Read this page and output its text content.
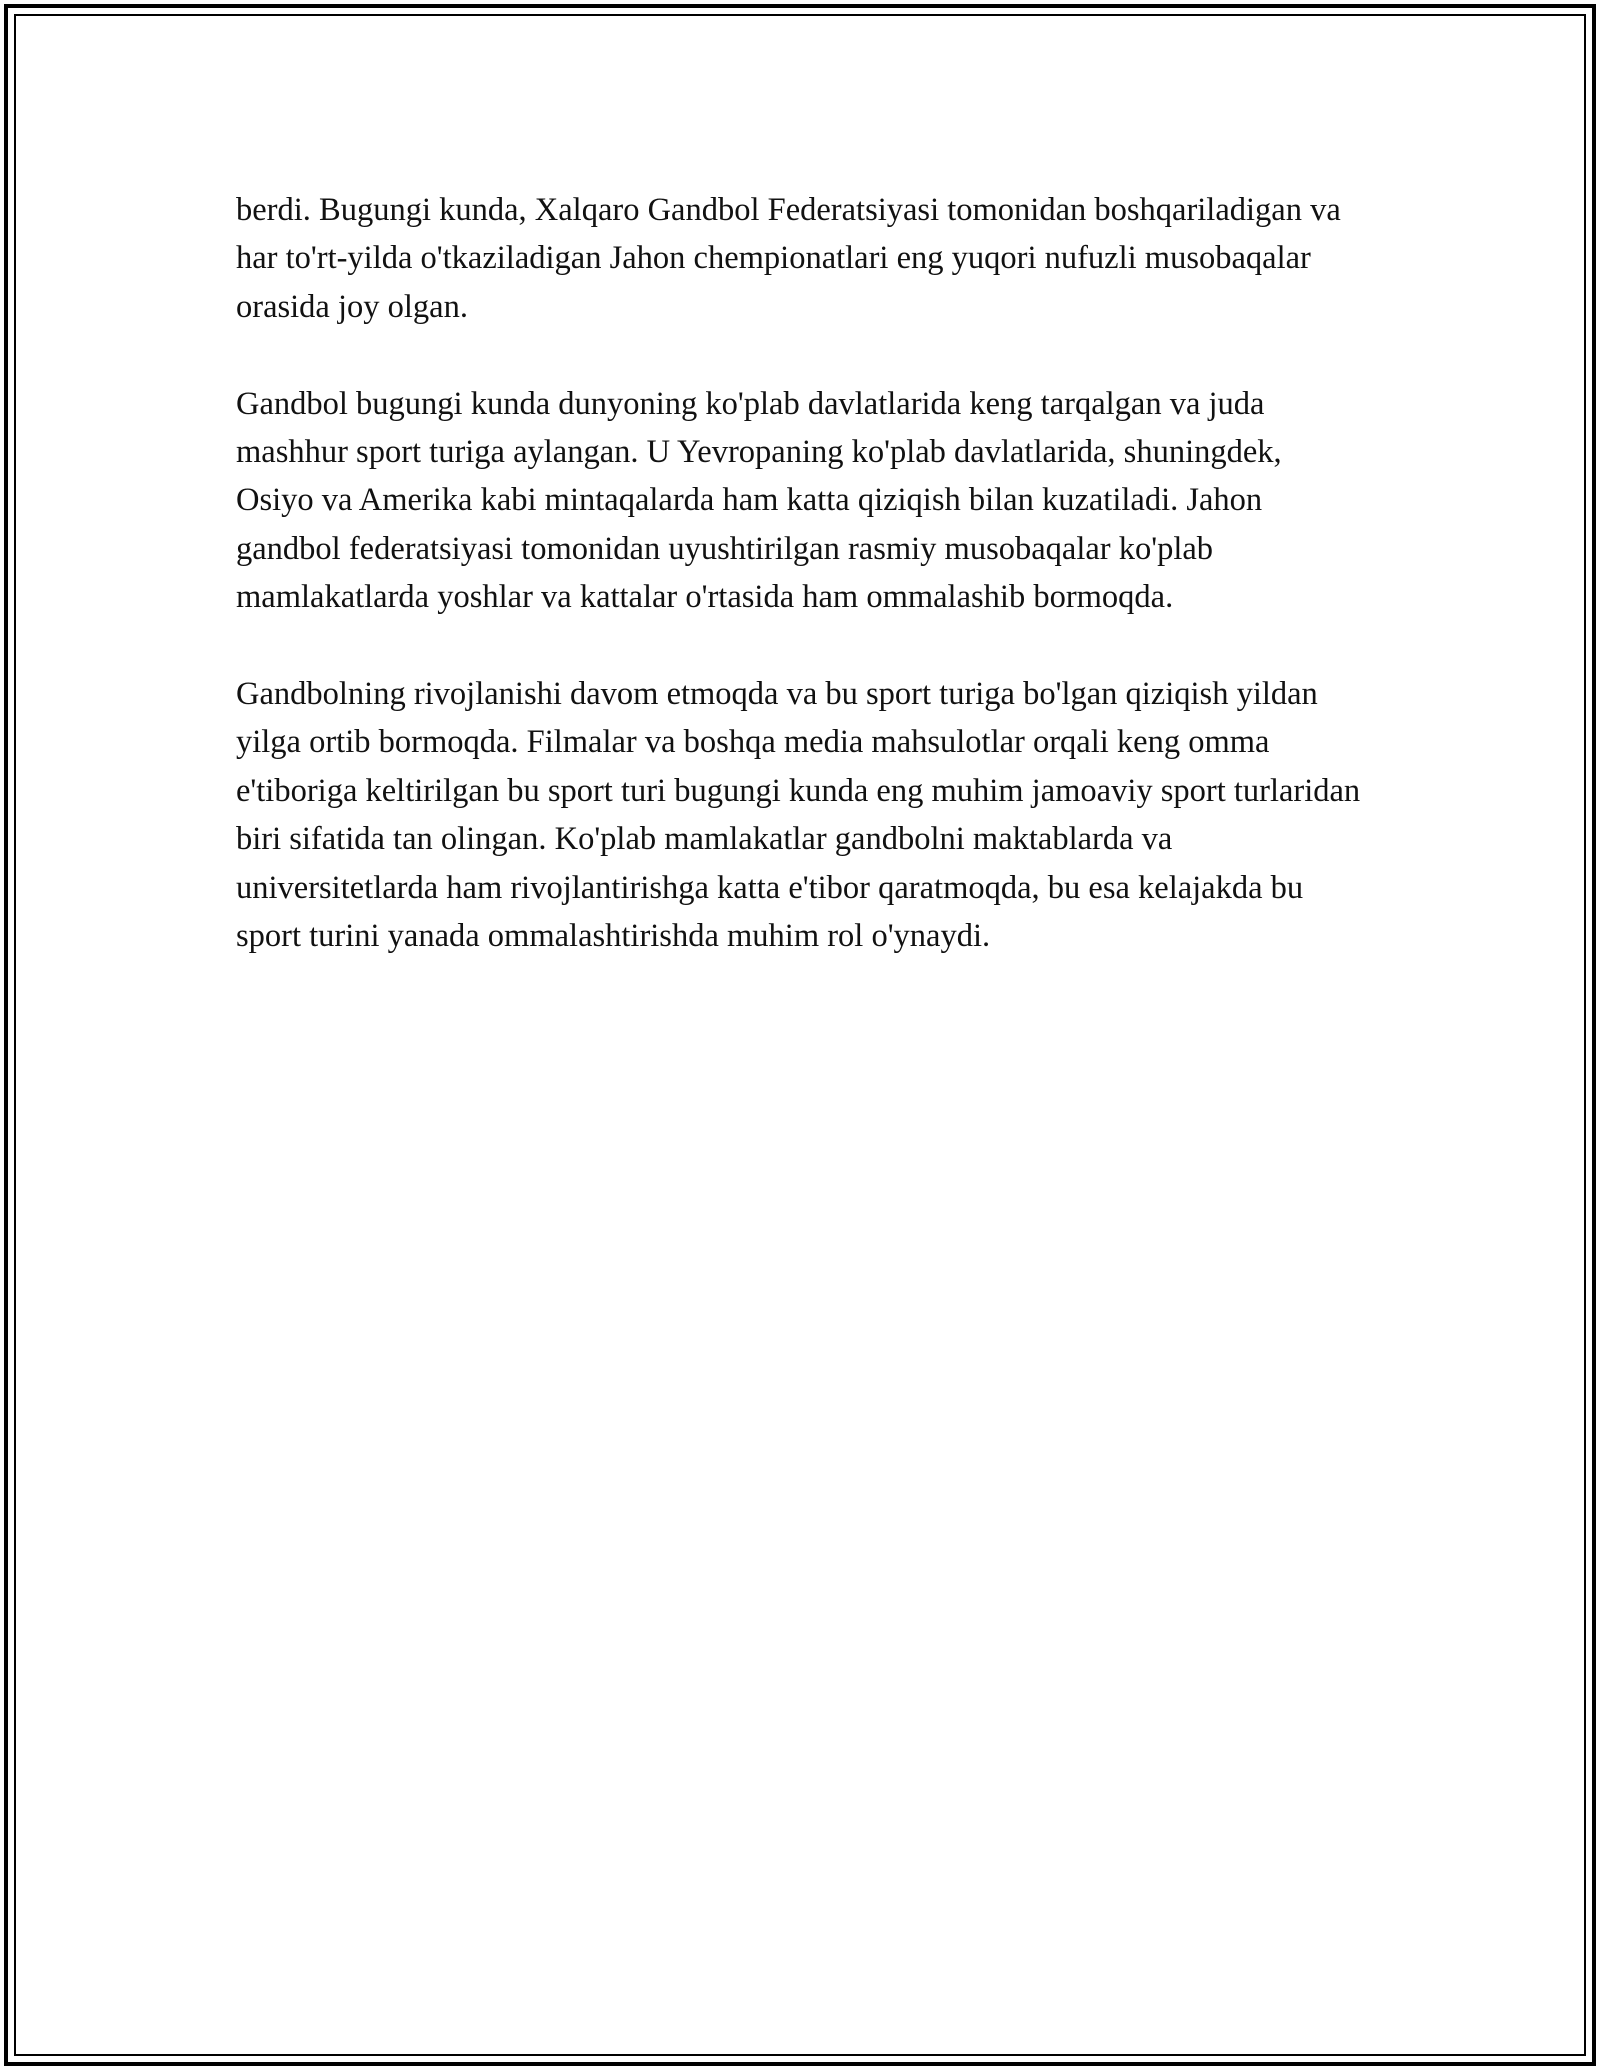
berdi. Bugungi kunda, Xalqaro Gandbol Federatsiyasi tomonidan boshqariladigan va har to'rt-yilda o'tkaziladigan Jahon chempionatlari eng yuqori nufuzli musobaqalar orasida joy olgan.

Gandbol bugungi kunda dunyoning ko'plab davlatlarida keng tarqalgan va juda mashhur sport turiga aylangan. U Yevropaning ko'plab davlatlarida, shuningdek, Osiyo va Amerika kabi mintaqalarda ham katta qiziqish bilan kuzatiladi. Jahon gandbol federatsiyasi tomonidan uyushtirilgan rasmiy musobaqalar ko'plab mamlakatlarda yoshlar va kattalar o'rtasida ham ommalashib bormoqda.

Gandbolning rivojlanishi davom etmoqda va bu sport turiga bo'lgan qiziqish yildan yilga ortib bormoqda. Filmalar va boshqa media mahsulotlar orqali keng omma e'tiboriga keltirilgan bu sport turi bugungi kunda eng muhim jamoaviy sport turlaridan biri sifatida tan olingan. Ko'plab mamlakatlar gandbolni maktablarda va universitetlarda ham rivojlantirishga katta e'tibor qaratmoqda, bu esa kelajakda bu sport turini yanada ommalashtirishda muhim rol o'ynaydi.
